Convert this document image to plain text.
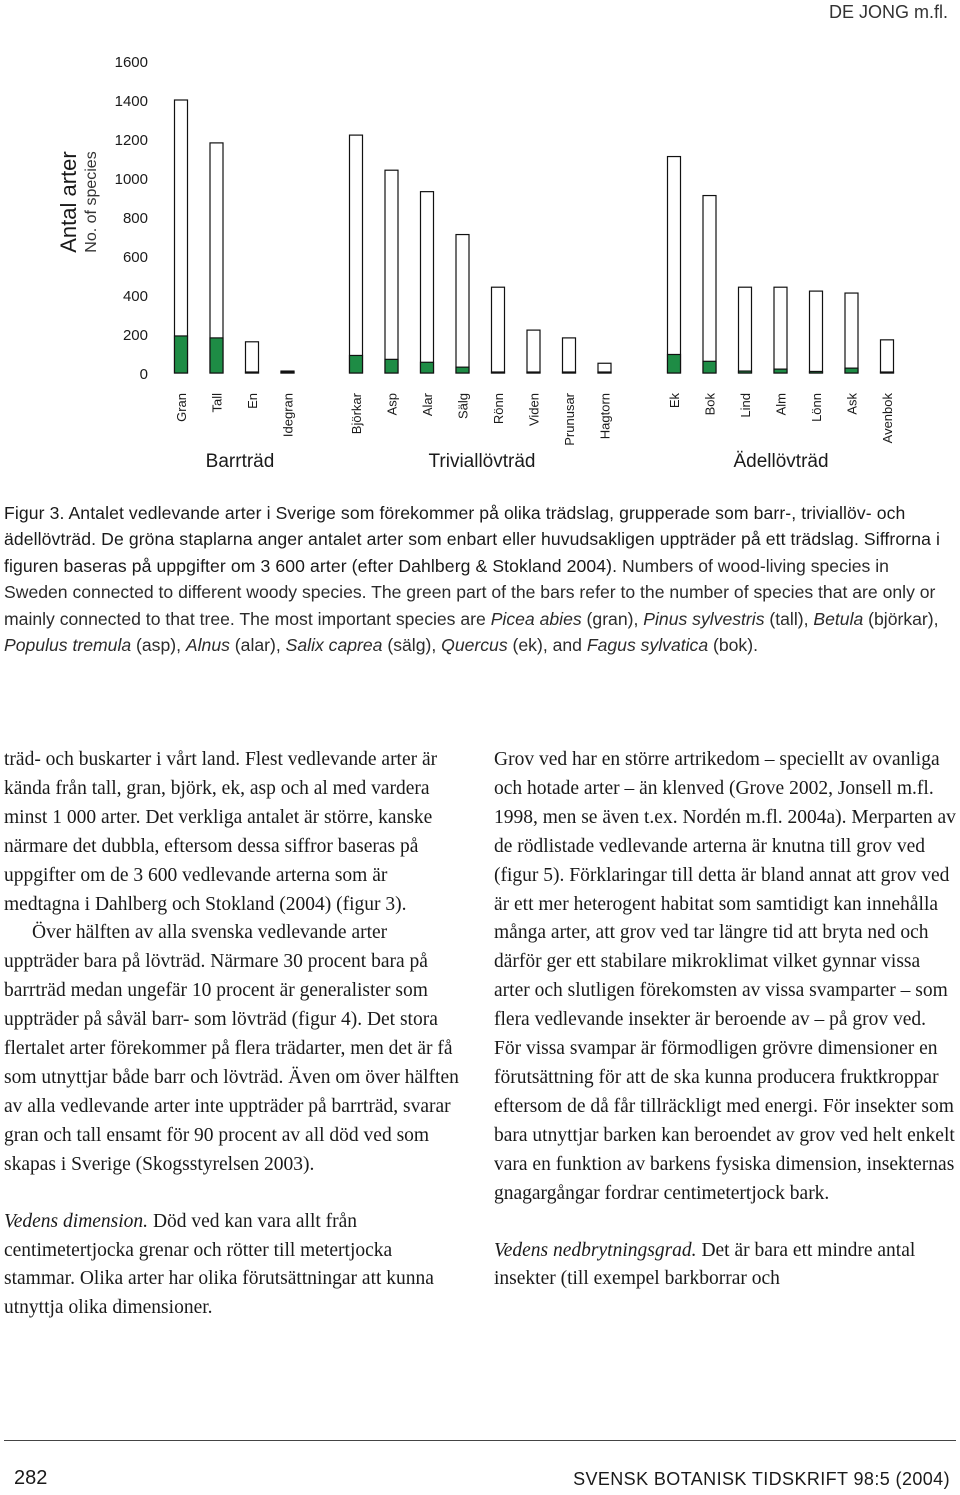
DE JONG m.fl.
Antal arter No. of species
0
200
400
600
800
1000
1200
1400
1600
Gran Tall En Idegran	Björkar Asp Alar Sälg Rönn Viden Prunusar Hagtorn	Ek Bok Lind Alm Lönn Ask Avenbok
Barrträd	Triviallövträd	Ädellövträd
Figur 3. Antalet vedlevande arter i Sverige som förekommer på olika trädslag, grupperade som barr-, triviallöv- och ädellövträd. De gröna staplarna anger antalet arter som enbart eller huvudsakligen uppträder på ett trädslag. Siffrorna i figuren baseras på uppgifter om 3 600 arter (efter Dahlberg & Stokland 2004). Numbers of wood-living species in Sweden connected to different woody species. The green part of the bars refer to the number of species that are only or mainly connected to that tree. The most important species are Picea abies (gran), Pinus sylvestris (tall), Betula (björkar), Populus tremula (asp), Alnus (alar), Salix caprea (sälg), Quercus (ek), and Fagus sylvatica (bok).

träd- och buskarter i vårt land. Flest vedlevande arter är kända från tall, gran, björk, ek, asp och al med vardera minst 1 000 arter. Det verkliga antalet är större, kanske närmare det dubbla, eftersom dessa siffror baseras på uppgifter om de 3 600 vedlevande arterna som är medtagna i Dahlberg och Stokland (2004) (figur 3).

Över hälften av alla svenska vedlevande arter uppträder bara på lövträd. Närmare 30 procent bara på barrträd medan ungefär 10 procent är generalister som uppträder på såväl barr- som lövträd (figur 4). Det stora flertalet arter förekommer på flera trädarter, men det är få som utnyttjar både barr och lövträd. Även om över hälften av alla vedlevande arter inte uppträder på barrträd, svarar gran och tall ensamt för 90 procent av all död ved som skapas i Sverige (Skogsstyrelsen 2003).

Vedens dimension. Död ved kan vara allt från centimetertjocka grenar och rötter till metertjocka stammar. Olika arter har olika förutsättningar att kunna utnyttja olika dimensioner.

Grov ved har en större artrikedom – speciellt av ovanliga och hotade arter – än klenved (Grove 2002, Jonsell m.fl. 1998, men se även t.ex. Nordén m.fl. 2004a). Merparten av de rödlistade vedlevande arterna är knutna till grov ved (figur 5). Förklaringar till detta är bland annat att grov ved är ett mer heterogent habitat som samtidigt kan innehålla många arter, att grov ved tar längre tid att bryta ned och därför ger ett stabilare mikroklimat vilket gynnar vissa arter och slutligen förekomsten av vissa svamparter – som flera vedlevande insekter är beroende av – på grov ved. För vissa svampar är förmodligen grövre dimensioner en förutsättning för att de ska kunna producera fruktkroppar eftersom de då får tillräckligt med energi. För insekter som bara utnyttjar barken kan beroendet av grov ved helt enkelt vara en funktion av barkens fysiska dimension, insekternas gnagargångar fordrar centimetertjock bark.

Vedens nedbrytningsgrad. Det är bara ett mindre antal insekter (till exempel barkborrar och

282	SVENSK BOTANISK TIDSKRIFT 98:5 (2004)
